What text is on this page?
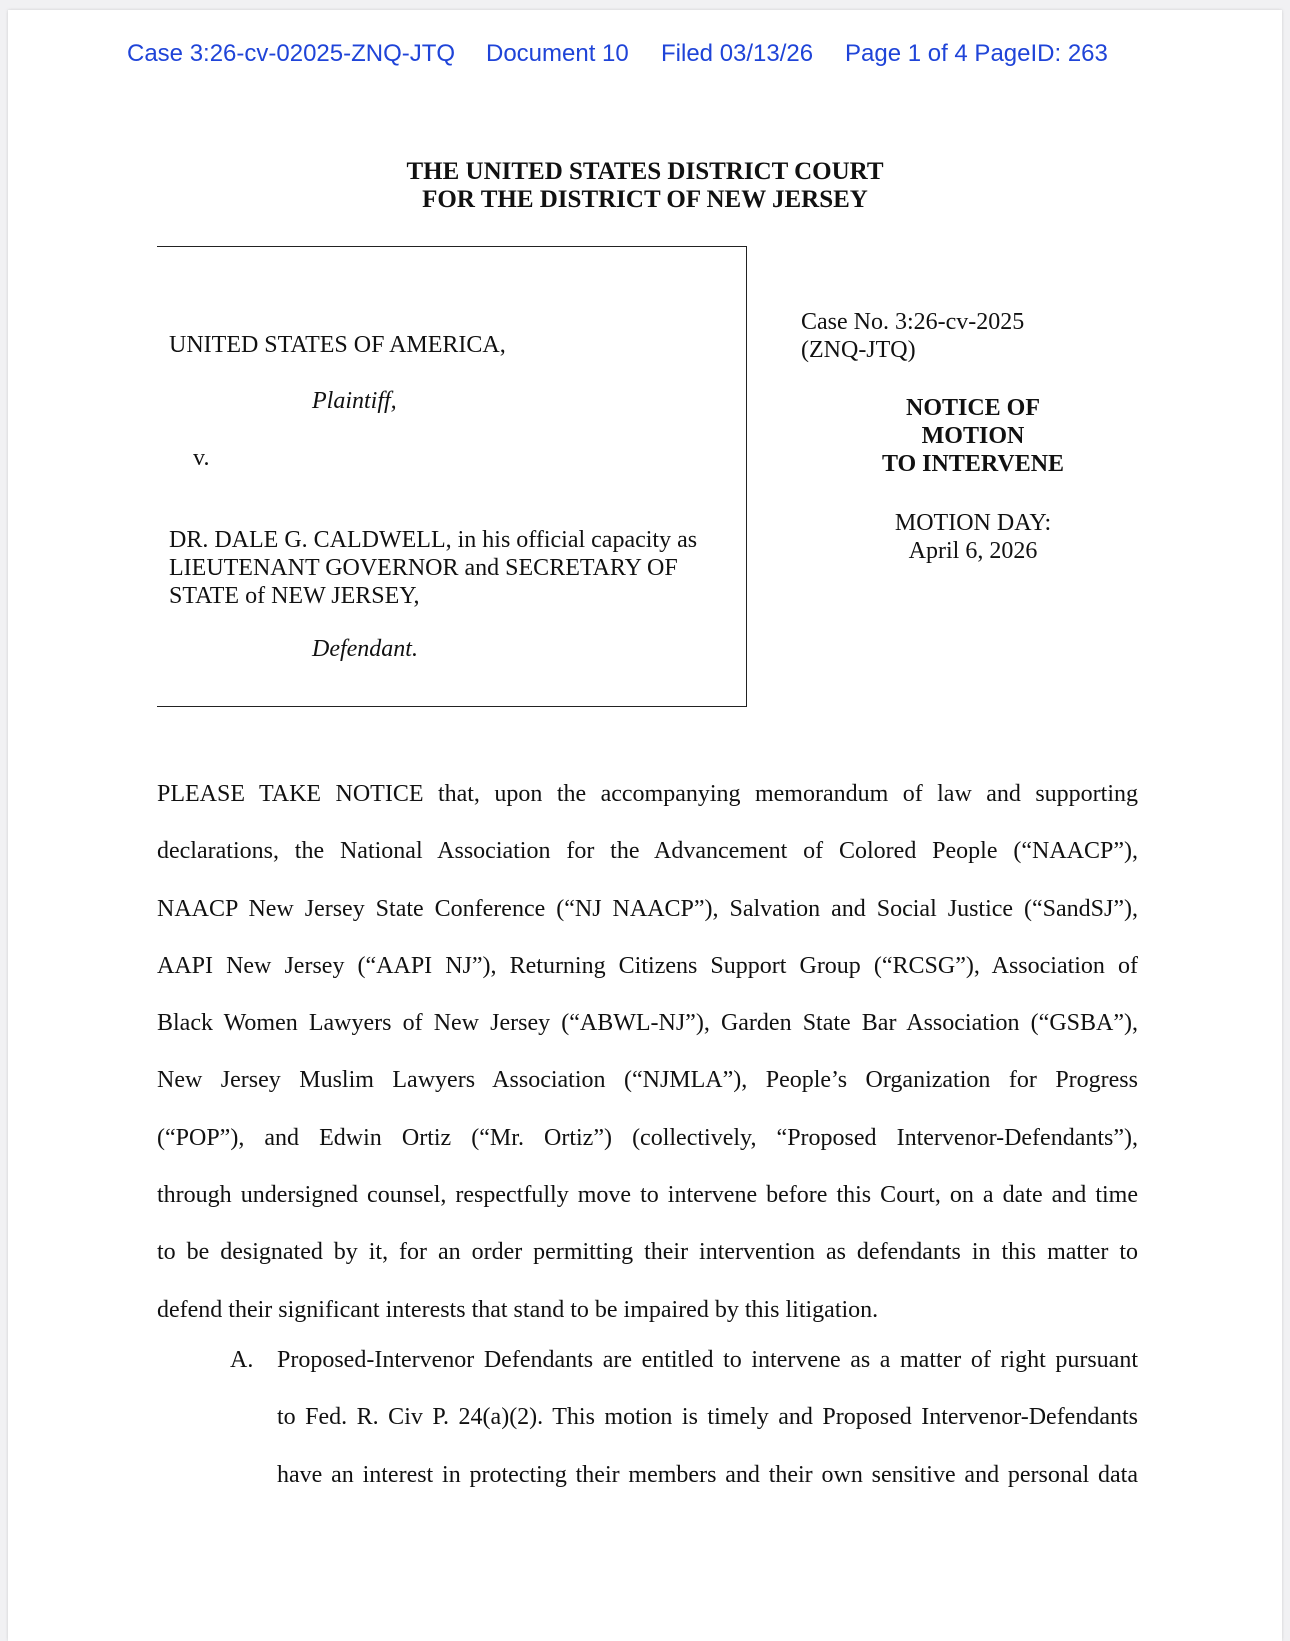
Case 3:26-cv-02025-ZNQ-JTQ Document 10 Filed 03/13/26 Page 1 of 4 PageID: 263
THE UNITED STATES DISTRICT COURT
FOR THE DISTRICT OF NEW JERSEY
UNITED STATES OF AMERICA,
Plaintiff,
v.
DR. DALE G. CALDWELL, in his official capacity as
LIEUTENANT GOVERNOR and SECRETARY OF
STATE of NEW JERSEY,
Defendant.
Case No. 3:26-cv-2025
(ZNQ-JTQ)
NOTICE OF
MOTION
TO INTERVENE
MOTION DAY:
April 6, 2026
PLEASE TAKE NOTICE that, upon the accompanying memorandum of law and supporting
declarations, the National Association for the Advancement of Colored People (“NAACP”),
NAACP New Jersey State Conference (“NJ NAACP”), Salvation and Social Justice (“SandSJ”),
AAPI New Jersey (“AAPI NJ”), Returning Citizens Support Group (“RCSG”), Association of
Black Women Lawyers of New Jersey (“ABWL-NJ”), Garden State Bar Association (“GSBA”),
New Jersey Muslim Lawyers Association (“NJMLA”), People’s Organization for Progress
(“POP”), and Edwin Ortiz (“Mr. Ortiz”) (collectively, “Proposed Intervenor-Defendants”),
through undersigned counsel, respectfully move to intervene before this Court, on a date and time
to be designated by it, for an order permitting their intervention as defendants in this matter to
defend their significant interests that stand to be impaired by this litigation.
A. Proposed-Intervenor Defendants are entitled to intervene as a matter of right pursuant
to Fed. R. Civ P. 24(a)(2). This motion is timely and Proposed Intervenor-Defendants
have an interest in protecting their members and their own sensitive and personal data
